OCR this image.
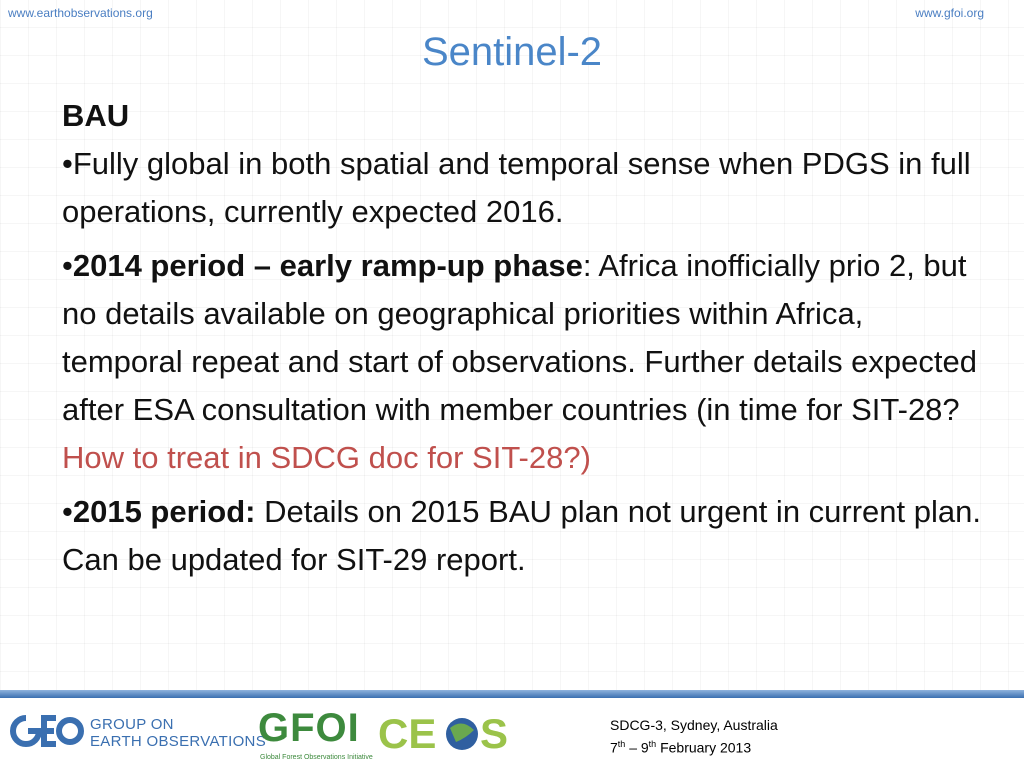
www.earthobservations.org	www.gfoi.org
Sentinel-2
BAU

•Fully global in both spatial and temporal sense when PDGS in full operations, currently expected 2016.

•2014 period – early ramp-up phase: Africa inofficially prio 2, but no details available on geographical priorities within Africa, temporal repeat and start of observations. Further details expected after ESA consultation with member countries (in time for SIT-28? How to treat in SDCG doc for SIT-28?)

•2015 period: Details on 2015 BAU plan not urgent in current plan. Can be updated for SIT-29 report.

GROUP ON
EARTH OBSERVATIONS
GFOI
Global Forest Observations Initiative
CE S	SDCG-3, Sydney, Australia
7th – 9th February 2013
